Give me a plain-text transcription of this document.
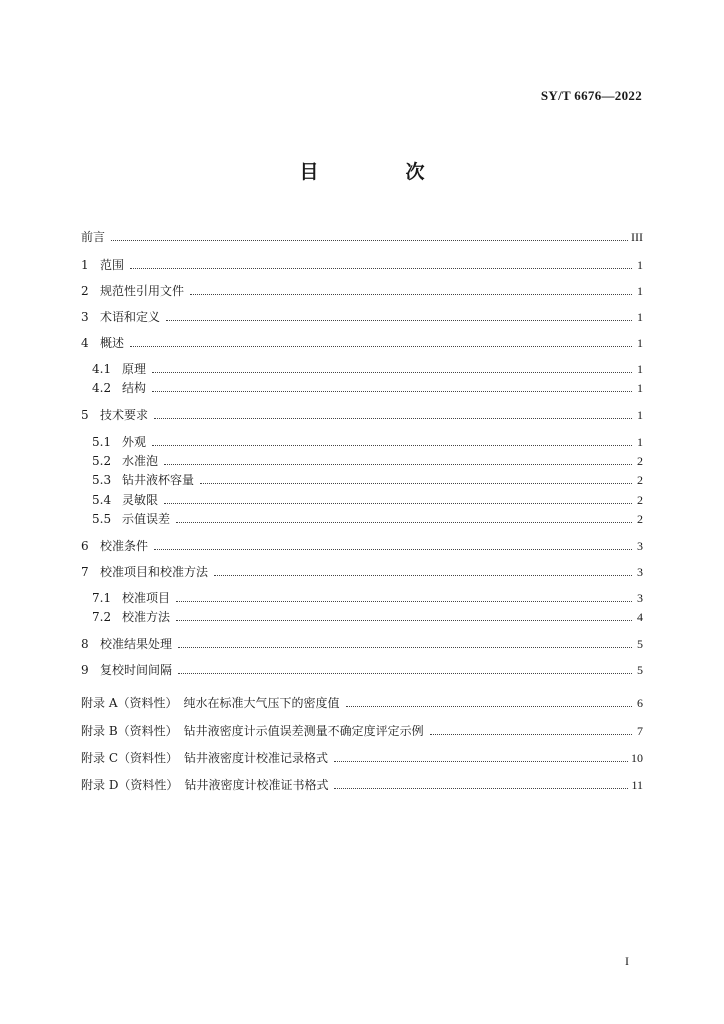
SY/T 6676—2022
目　次
前言	III
1 范围	1
2 规范性引用文件	1
3 术语和定义	1
4 概述	1
4.1 原理	1
4.2 结构	1
5 技术要求	1
5.1 外观	1
5.2 水准泡	2
5.3 钻井液杯容量	2
5.4 灵敏限	2
5.5 示值误差	2
6 校准条件	3
7 校准项目和校准方法	3
7.1 校准项目	3
7.2 校准方法	4
8 校准结果处理	5
9 复校时间间隔	5
附录 A（资料性） 纯水在标准大气压下的密度值	6
附录 B（资料性） 钻井液密度计示值误差测量不确定度评定示例	7
附录 C（资料性） 钻井液密度计校准记录格式	10
附录 D（资料性） 钻井液密度计校准证书格式	11
I
